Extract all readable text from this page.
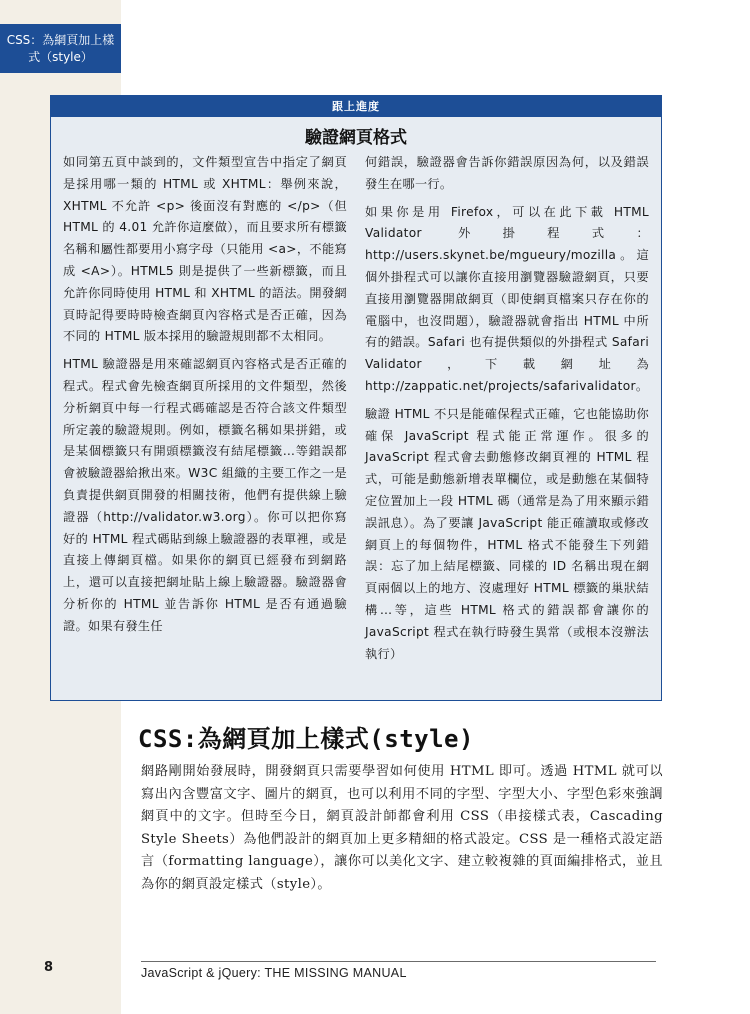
CSS：為網頁加上樣式（style）
跟上進度
驗證網頁格式

如同第五頁中談到的，文件類型宣告中指定了網頁是採用哪一類的 HTML 或 XHTML：舉例來說，XHTML 不允許 <p> 後面沒有對應的 </p>（但 HTML 的 4.01 允許你這麼做），而且要求所有標籤名稱和屬性都要用小寫字母（只能用 <a>，不能寫成 <A>）。HTML5 則是提供了一些新標籤，而且允許你同時使用 HTML 和 XHTML 的語法。開發網頁時記得要時時檢查網頁內容格式是否正確，因為不同的 HTML 版本採用的驗證規則都不太相同。

HTML 驗證器是用來確認網頁內容格式是否正確的程式。程式會先檢查網頁所採用的文件類型，然後分析網頁中每一行程式碼確認是否符合該文件類型所定義的驗證規則。例如，標籤名稱如果拼錯，或是某個標籤只有開頭標籤沒有結尾標籤…等錯誤都會被驗證器給揪出來。W3C 組織的主要工作之一是負責提供網頁開發的相關技術，他們有提供線上驗證器（http://validator.w3.org）。你可以把你寫好的 HTML 程式碼貼到線上驗證器的表單裡，或是直接上傳網頁檔。如果你的網頁已經發布到網路上，還可以直接把網址貼上線上驗證器。驗證器會分析你的 HTML 並告訴你 HTML 是否有通過驗證。如果有發生任

何錯誤，驗證器會告訴你錯誤原因為何，以及錯誤發生在哪一行。

如果你是用 Firefox，可以在此下載 HTML Validator 外掛程式：http://users.skynet.be/mgueury/mozilla。這個外掛程式可以讓你直接用瀏覽器驗證網頁，只要直接用瀏覽器開啟網頁（即使網頁檔案只存在你的電腦中，也沒問題），驗證器就會指出 HTML 中所有的錯誤。Safari 也有提供類似的外掛程式 Safari Validator，下載網址為 http://zappatic.net/projects/safarivalidator。

驗證 HTML 不只是能確保程式正確，它也能協助你確保 JavaScript 程式能正常運作。很多的 JavaScript 程式會去動態修改網頁裡的 HTML 程式，可能是動態新增表單欄位，或是動態在某個特定位置加上一段 HTML 碼（通常是為了用來顯示錯誤訊息）。為了要讓 JavaScript 能正確讀取或修改網頁上的每個物件，HTML 格式不能發生下列錯誤：忘了加上結尾標籤、同樣的 ID 名稱出現在網頁兩個以上的地方、沒處理好 HTML 標籤的巢狀結構…等，這些 HTML 格式的錯誤都會讓你的 JavaScript 程式在執行時發生異常（或根本沒辦法執行）

CSS:為網頁加上樣式(style)

網路剛開始發展時，開發網頁只需要學習如何使用 HTML 即可。透過 HTML 就可以寫出內含豐富文字、圖片的網頁，也可以利用不同的字型、字型大小、字型色彩來強調網頁中的文字。但時至今日，網頁設計師都會利用 CSS（串接樣式表，Cascading Style Sheets）為他們設計的網頁加上更多精細的格式設定。CSS 是一種格式設定語言（formatting language），讓你可以美化文字、建立較複雜的頁面編排格式，並且為你的網頁設定樣式（style）。

8	JavaScript & jQuery: THE MISSING MANUAL
